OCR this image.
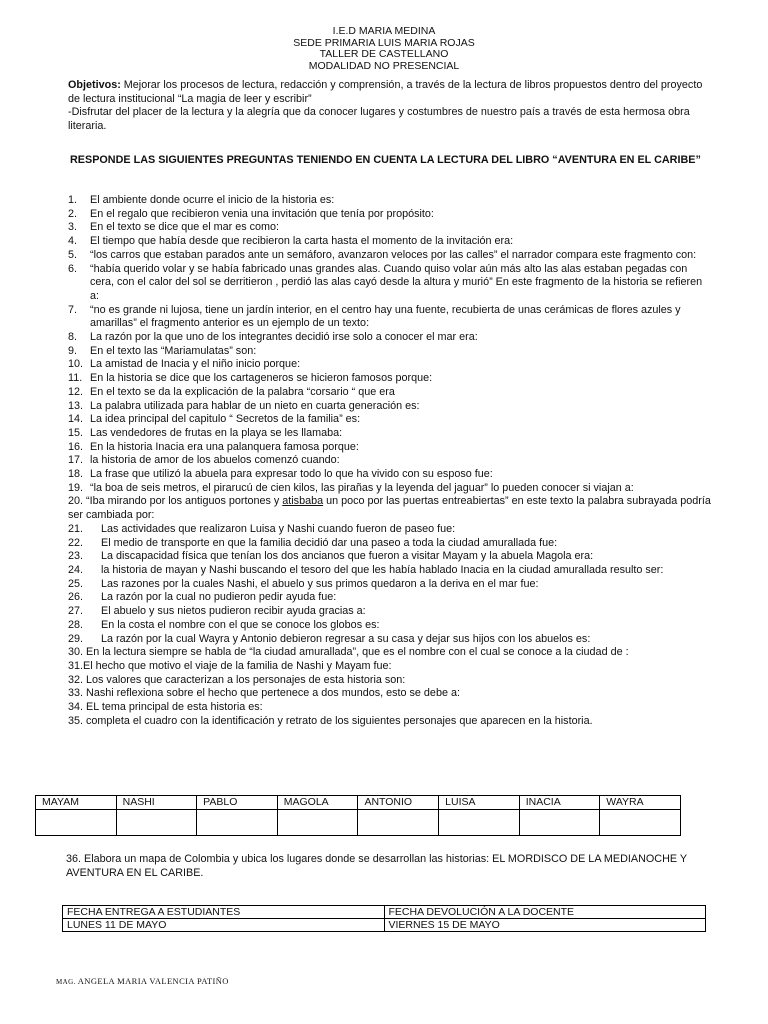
I.E.D MARIA MEDINA
SEDE PRIMARIA LUIS MARIA ROJAS
TALLER DE CASTELLANO
MODALIDAD NO PRESENCIAL
Objetivos: Mejorar los procesos de lectura, redacción y comprensión, a través de la lectura de libros propuestos dentro del proyecto de lectura institucional “La magia de leer y escribir”
-Disfrutar del placer de la lectura y la alegría que da conocer lugares y costumbres de nuestro país a través de esta hermosa obra literaria.
RESPONDE LAS SIGUIENTES PREGUNTAS TENIENDO EN CUENTA LA LECTURA DEL LIBRO “AVENTURA EN EL CARIBE”
1. El ambiente donde ocurre el inicio de la historia es:
2. En el regalo que recibieron venia una invitación que tenía por propósito:
3. En el texto se dice que el mar es como:
4. El tiempo que había desde que recibieron la carta hasta el momento de la invitación era:
5. “los carros que estaban parados ante un semáforo, avanzaron veloces por las calles” el narrador compara este fragmento con:
6. “había querido volar y se había fabricado unas grandes alas. Cuando quiso volar aún más alto las alas estaban pegadas con cera, con el calor del sol se derritieron , perdió las alas cayó desde la altura y murió” En este fragmento de la historia se refieren a:
7. “no es grande ni lujosa, tiene un jardín interior, en el centro hay una fuente, recubierta de unas cerámicas de flores azules y amarillas” el fragmento anterior es un ejemplo de un texto:
8. La razón por la que uno de los integrantes decidió irse solo a conocer el mar era:
9. En el texto las “Mariamulatas” son:
10. La amistad de Inacia y el niño inicio porque:
11. En la historia se dice que los cartageneros se hicieron famosos porque:
12. En el texto se da la explicación de la palabra “corsario “ que era
13. La palabra utilizada para hablar de un nieto en cuarta generación es:
14. La idea principal del capitulo “ Secretos de la familia” es:
15. Las vendedores de frutas en la playa se les llamaba:
16. En la historia Inacia era una palanquera famosa porque:
17. la historia de amor de los abuelos comenzó cuando:
18. La frase que utilizó la abuela para expresar todo lo que ha vivido con su esposo fue:
19. “la boa de seis metros, el pirarucú de cien kilos, las pirañas y la leyenda del jaguar” lo pueden conocer si viajan a:
20. “Iba mirando por los antiguos portones y atisbaba un poco por las puertas entreabiertas” en este texto la palabra subrayada podría ser cambiada por:
21. Las actividades que realizaron Luisa y Nashi cuando fueron de paseo fue:
22. El medio de transporte en que la familia decidió dar una paseo a toda la ciudad amurallada fue:
23. La discapacidad física que tenían los dos ancianos que fueron a visitar Mayam y la abuela Magola era:
24. la historia de mayan y Nashi buscando el tesoro del que les había hablado Inacia en la ciudad amurallada resulto ser:
25. Las razones por la cuales Nashi, el abuelo y sus primos quedaron a la deriva en el mar fue:
26. La razón por la cual no pudieron pedir ayuda fue:
27. El abuelo y sus nietos pudieron recibir ayuda gracias a:
28. En la costa el nombre con el que se conoce los globos es:
29. La razón por la cual Wayra y Antonio debieron regresar a su casa y dejar sus hijos con los abuelos es:
30. En la lectura siempre se habla de “la ciudad amurallada”, que es el nombre con el cual se conoce a la ciudad de :
31.El hecho que motivo el viaje de la familia de Nashi y Mayam fue:
32. Los valores que caracterizan a los personajes de esta historia son:
33. Nashi reflexiona sobre el hecho que pertenece a dos mundos, esto se debe a:
34. EL tema principal de esta historia es:
35. completa el cuadro con la identificación y retrato de los siguientes personajes que aparecen en la historia.
MAYAM	NASHI	PABLO	MAGOLA	ANTONIO	LUISA	INACIA	WAYRA

36. Elabora un mapa de Colombia y ubica los lugares donde se desarrollan las historias: EL MORDISCO DE LA MEDIANOCHE Y AVENTURA EN EL CARIBE.
FECHA ENTREGA A ESTUDIANTES	FECHA DEVOLUCIÓN A LA DOCENTE
LUNES 11 DE MAYO	VIERNES 15 DE MAYO
MAG. ANGELA MARIA VALENCIA PATIÑO
